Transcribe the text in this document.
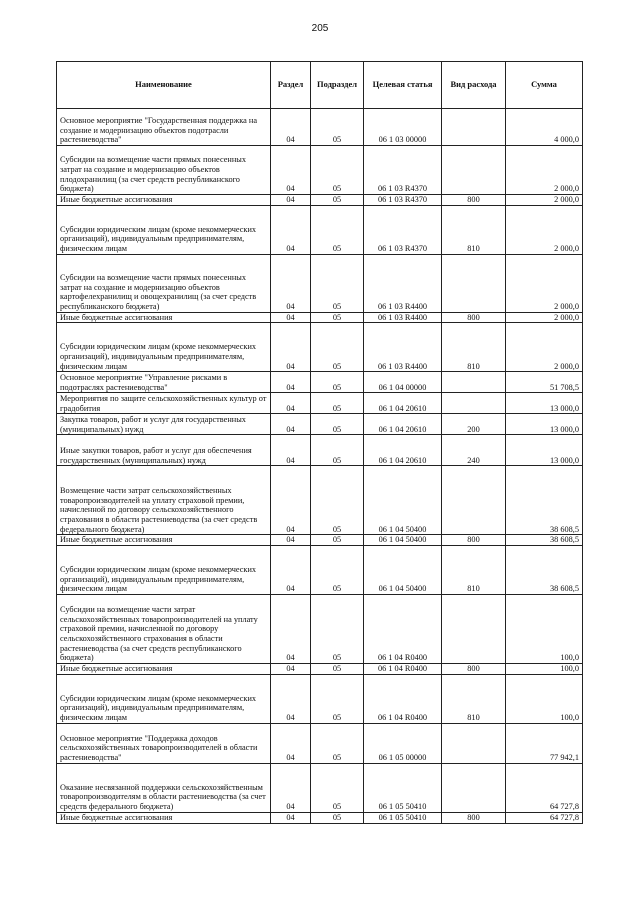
205
Наименование	Раздел	Подраздел	Целевая статья	Вид расхода	Сумма
Основное мероприятие "Государственная поддержка на создание и модернизацию объектов подотрасли растениеводства"	04	05	06 1 03 00000		4 000,0
Субсидии на возмещение части прямых понесенных затрат на создание и модернизацию объектов плодохранилищ (за счет средств республиканского бюджета)	04	05	06 1 03 R4370		2 000,0
Иные бюджетные ассигнования	04	05	06 1 03 R4370	800	2 000,0
Субсидии юридическим лицам (кроме некоммерческих организаций), индивидуальным предпринимателям, физическим лицам	04	05	06 1 03 R4370	810	2 000,0
Субсидии на возмещение части прямых понесенных затрат на создание и модернизацию объектов картофелехранилищ и овощехранилищ (за счет средств республиканского бюджета)	04	05	06 1 03 R4400		2 000,0
Иные бюджетные ассигнования	04	05	06 1 03 R4400	800	2 000,0
Субсидии юридическим лицам (кроме некоммерческих организаций), индивидуальным предпринимателям, физическим лицам	04	05	06 1 03 R4400	810	2 000,0
Основное мероприятие "Управление рисками в подотраслях растениеводства"	04	05	06 1 04 00000		51 708,5
Мероприятия по защите сельскохозяйственных культур от градобития	04	05	06 1 04 20610		13 000,0
Закупка товаров, работ и услуг для государственных (муниципальных) нужд	04	05	06 1 04 20610	200	13 000,0
Иные закупки товаров, работ и услуг для обеспечения государственных (муниципальных) нужд	04	05	06 1 04 20610	240	13 000,0
Возмещение части затрат сельскохозяйственных товаропроизводителей на уплату страховой премии, начисленной по договору сельскохозяйственного страхования в области растениеводства (за счет средств федерального бюджета)	04	05	06 1 04 50400		38 608,5
Иные бюджетные ассигнования	04	05	06 1 04 50400	800	38 608,5
Субсидии юридическим лицам (кроме некоммерческих организаций), индивидуальным предпринимателям, физическим лицам	04	05	06 1 04 50400	810	38 608,5
Субсидии на возмещение части затрат сельскохозяйственных товаропроизводителей на уплату страховой премии, начисленной по договору сельскохозяйственного страхования в области растениеводства (за счет средств республиканского бюджета)	04	05	06 1 04 R0400		100,0
Иные бюджетные ассигнования	04	05	06 1 04 R0400	800	100,0
Субсидии юридическим лицам (кроме некоммерческих организаций), индивидуальным предпринимателям, физическим лицам	04	05	06 1 04 R0400	810	100,0
Основное мероприятие "Поддержка доходов сельскохозяйственных товаропроизводителей в области растениеводства"	04	05	06 1 05 00000		77 942,1
Оказание несвязанной поддержки сельскохозяйственным товаропроизводителям в области растениеводства (за счет средств федерального бюджета)	04	05	06 1 05 50410		64 727,8
Иные бюджетные ассигнования	04	05	06 1 05 50410	800	64 727,8
